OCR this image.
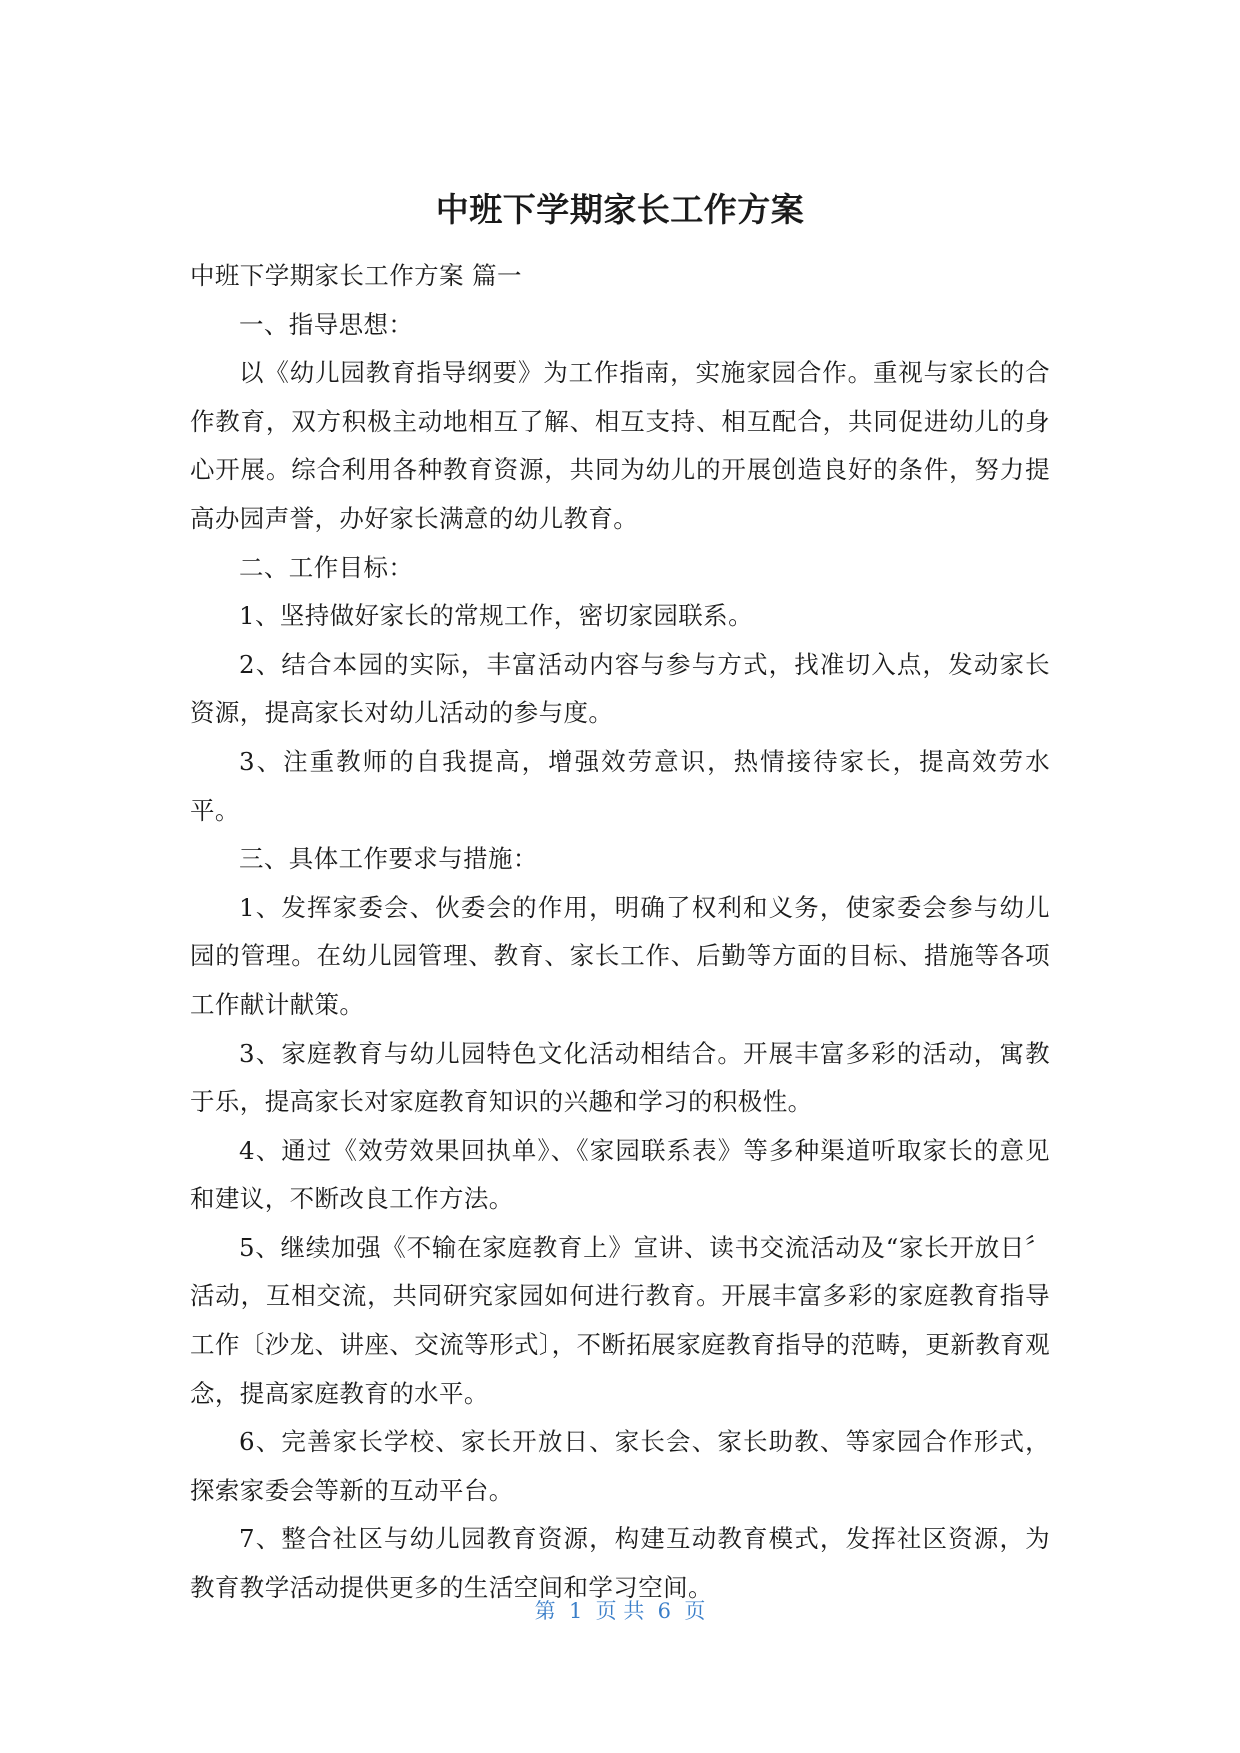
中班下学期家长工作方案

中班下学期家长工作方案 篇一

一、指导思想：

以《幼儿园教育指导纲要》为工作指南，实施家园合作。重视与家长的合作教育，双方积极主动地相互了解、相互支持、相互配合，共同促进幼儿的身心开展。综合利用各种教育资源，共同为幼儿的开展创造良好的条件，努力提高办园声誉，办好家长满意的幼儿教育。

二、工作目标：

1、坚持做好家长的常规工作，密切家园联系。

2、结合本园的实际，丰富活动内容与参与方式，找准切入点，发动家长资源，提高家长对幼儿活动的参与度。

3、注重教师的自我提高，增强效劳意识，热情接待家长，提高效劳水平。

三、具体工作要求与措施：

1、发挥家委会、伙委会的作用，明确了权利和义务，使家委会参与幼儿园的管理。在幼儿园管理、教育、家长工作、后勤等方面的目标、措施等各项工作献计献策。

3、家庭教育与幼儿园特色文化活动相结合。开展丰富多彩的活动，寓教于乐，提高家长对家庭教育知识的兴趣和学习的积极性。

4、通过《效劳效果回执单》、《家园联系表》等多种渠道听取家长的意见和建议，不断改良工作方法。

5、继续加强《不输在家庭教育上》宣讲、读书交流活动及“家长开放日〞活动，互相交流，共同研究家园如何进行教育。开展丰富多彩的家庭教育指导工作〔沙龙、讲座、交流等形式〕，不断拓展家庭教育指导的范畴，更新教育观念，提高家庭教育的水平。

6、完善家长学校、家长开放日、家长会、家长助教、等家园合作形式，探索家委会等新的互动平台。

7、整合社区与幼儿园教育资源，构建互动教育模式，发挥社区资源，为教育教学活动提供更多的生活空间和学习空间。

第  1  页 共  6  页
